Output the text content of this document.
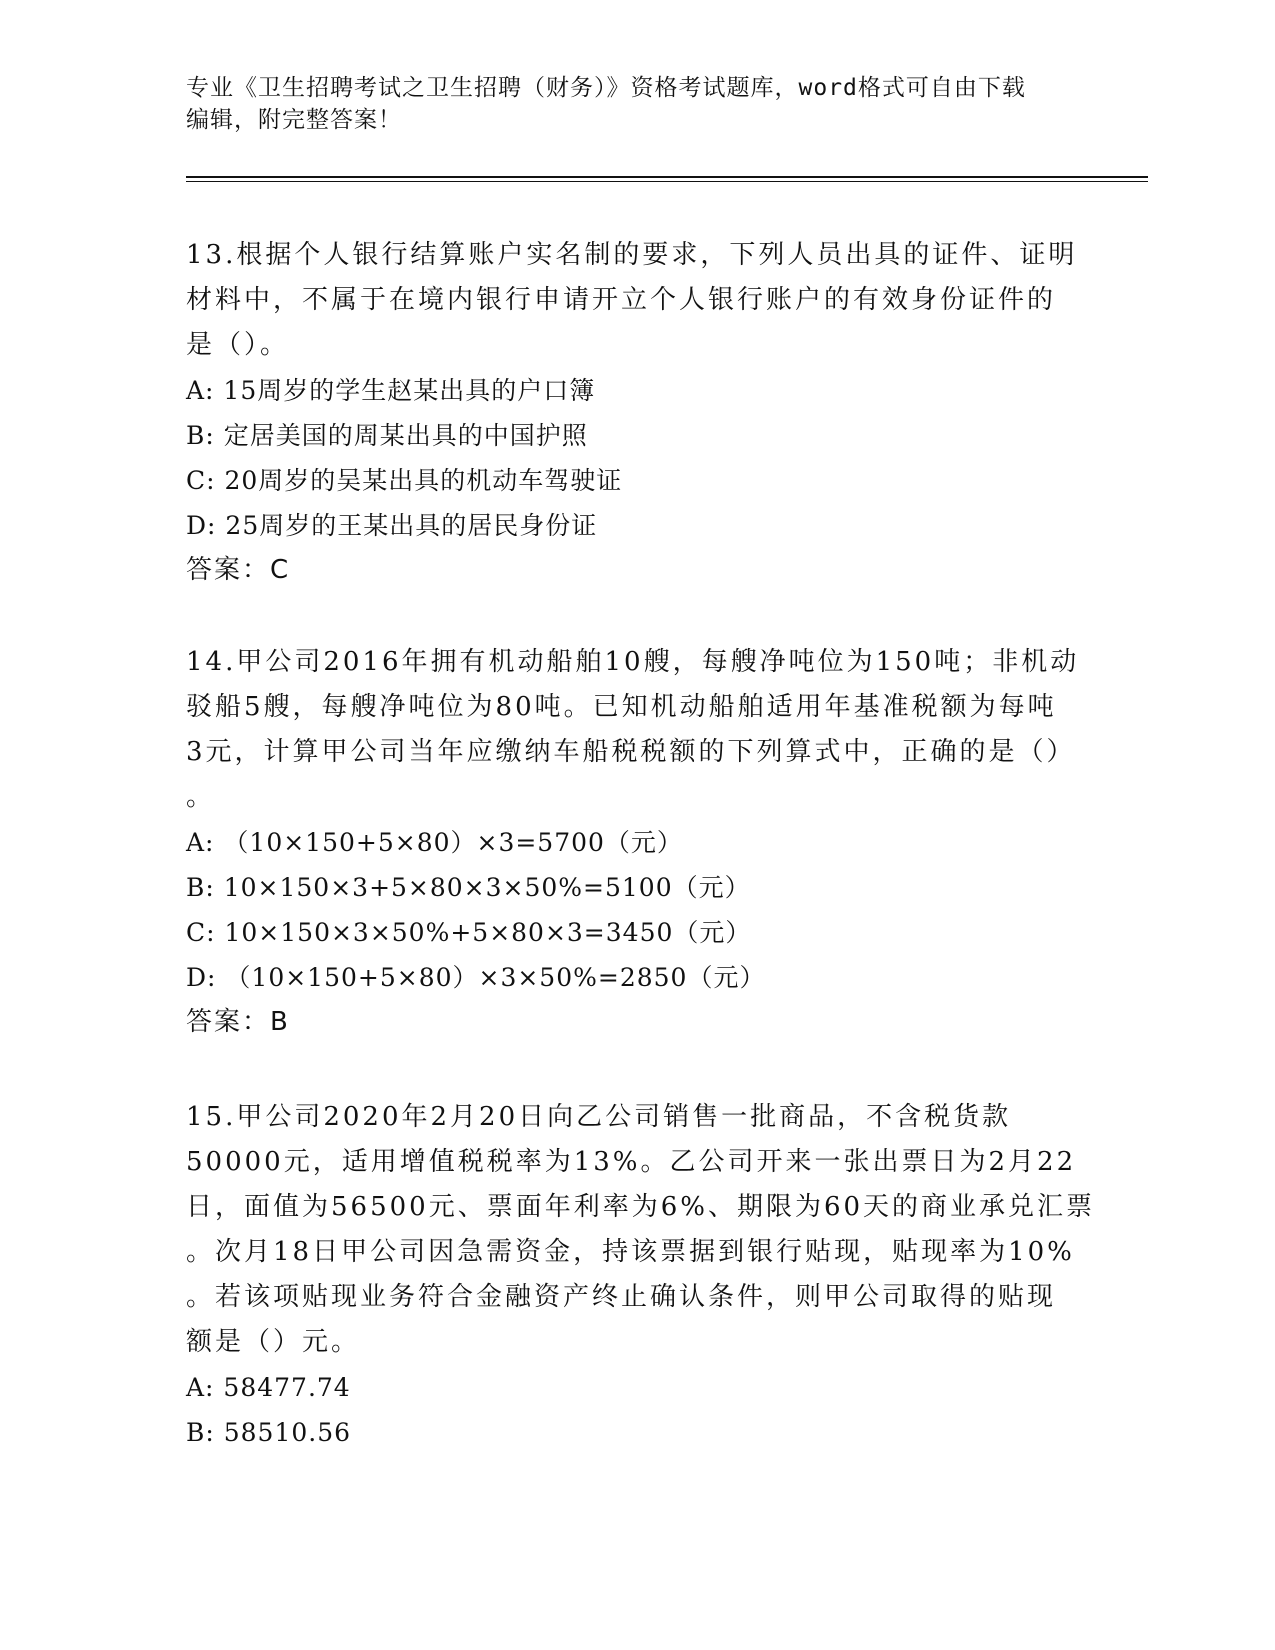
专业《卫生招聘考试之卫生招聘（财务）》资格考试题库，word格式可自由下载
编辑，附完整答案！
13.根据个人银行结算账户实名制的要求，下列人员出具的证件、证明
材料中，不属于在境内银行申请开立个人银行账户的有效身份证件的
是（）。
A: 15周岁的学生赵某出具的户口簿
B: 定居美国的周某出具的中国护照
C: 20周岁的吴某出具的机动车驾驶证
D: 25周岁的王某出具的居民身份证
答案：C
14.甲公司2016年拥有机动船舶10艘，每艘净吨位为150吨；非机动
驳船5艘，每艘净吨位为80吨。已知机动船舶适用年基准税额为每吨
3元，计算甲公司当年应缴纳车船税税额的下列算式中，正确的是（）
。
A: （10×150+5×80）×3=5700（元）
B: 10×150×3+5×80×3×50%=5100（元）
C: 10×150×3×50%+5×80×3=3450（元）
D: （10×150+5×80）×3×50%=2850（元）
答案：B
15.甲公司2020年2月20日向乙公司销售一批商品，不含税货款
50000元，适用增值税税率为13%。乙公司开来一张出票日为2月22
日，面值为56500元、票面年利率为6%、期限为60天的商业承兑汇票
。次月18日甲公司因急需资金，持该票据到银行贴现，贴现率为10%
。若该项贴现业务符合金融资产终止确认条件，则甲公司取得的贴现
额是（）元。
A: 58477.74
B: 58510.56
